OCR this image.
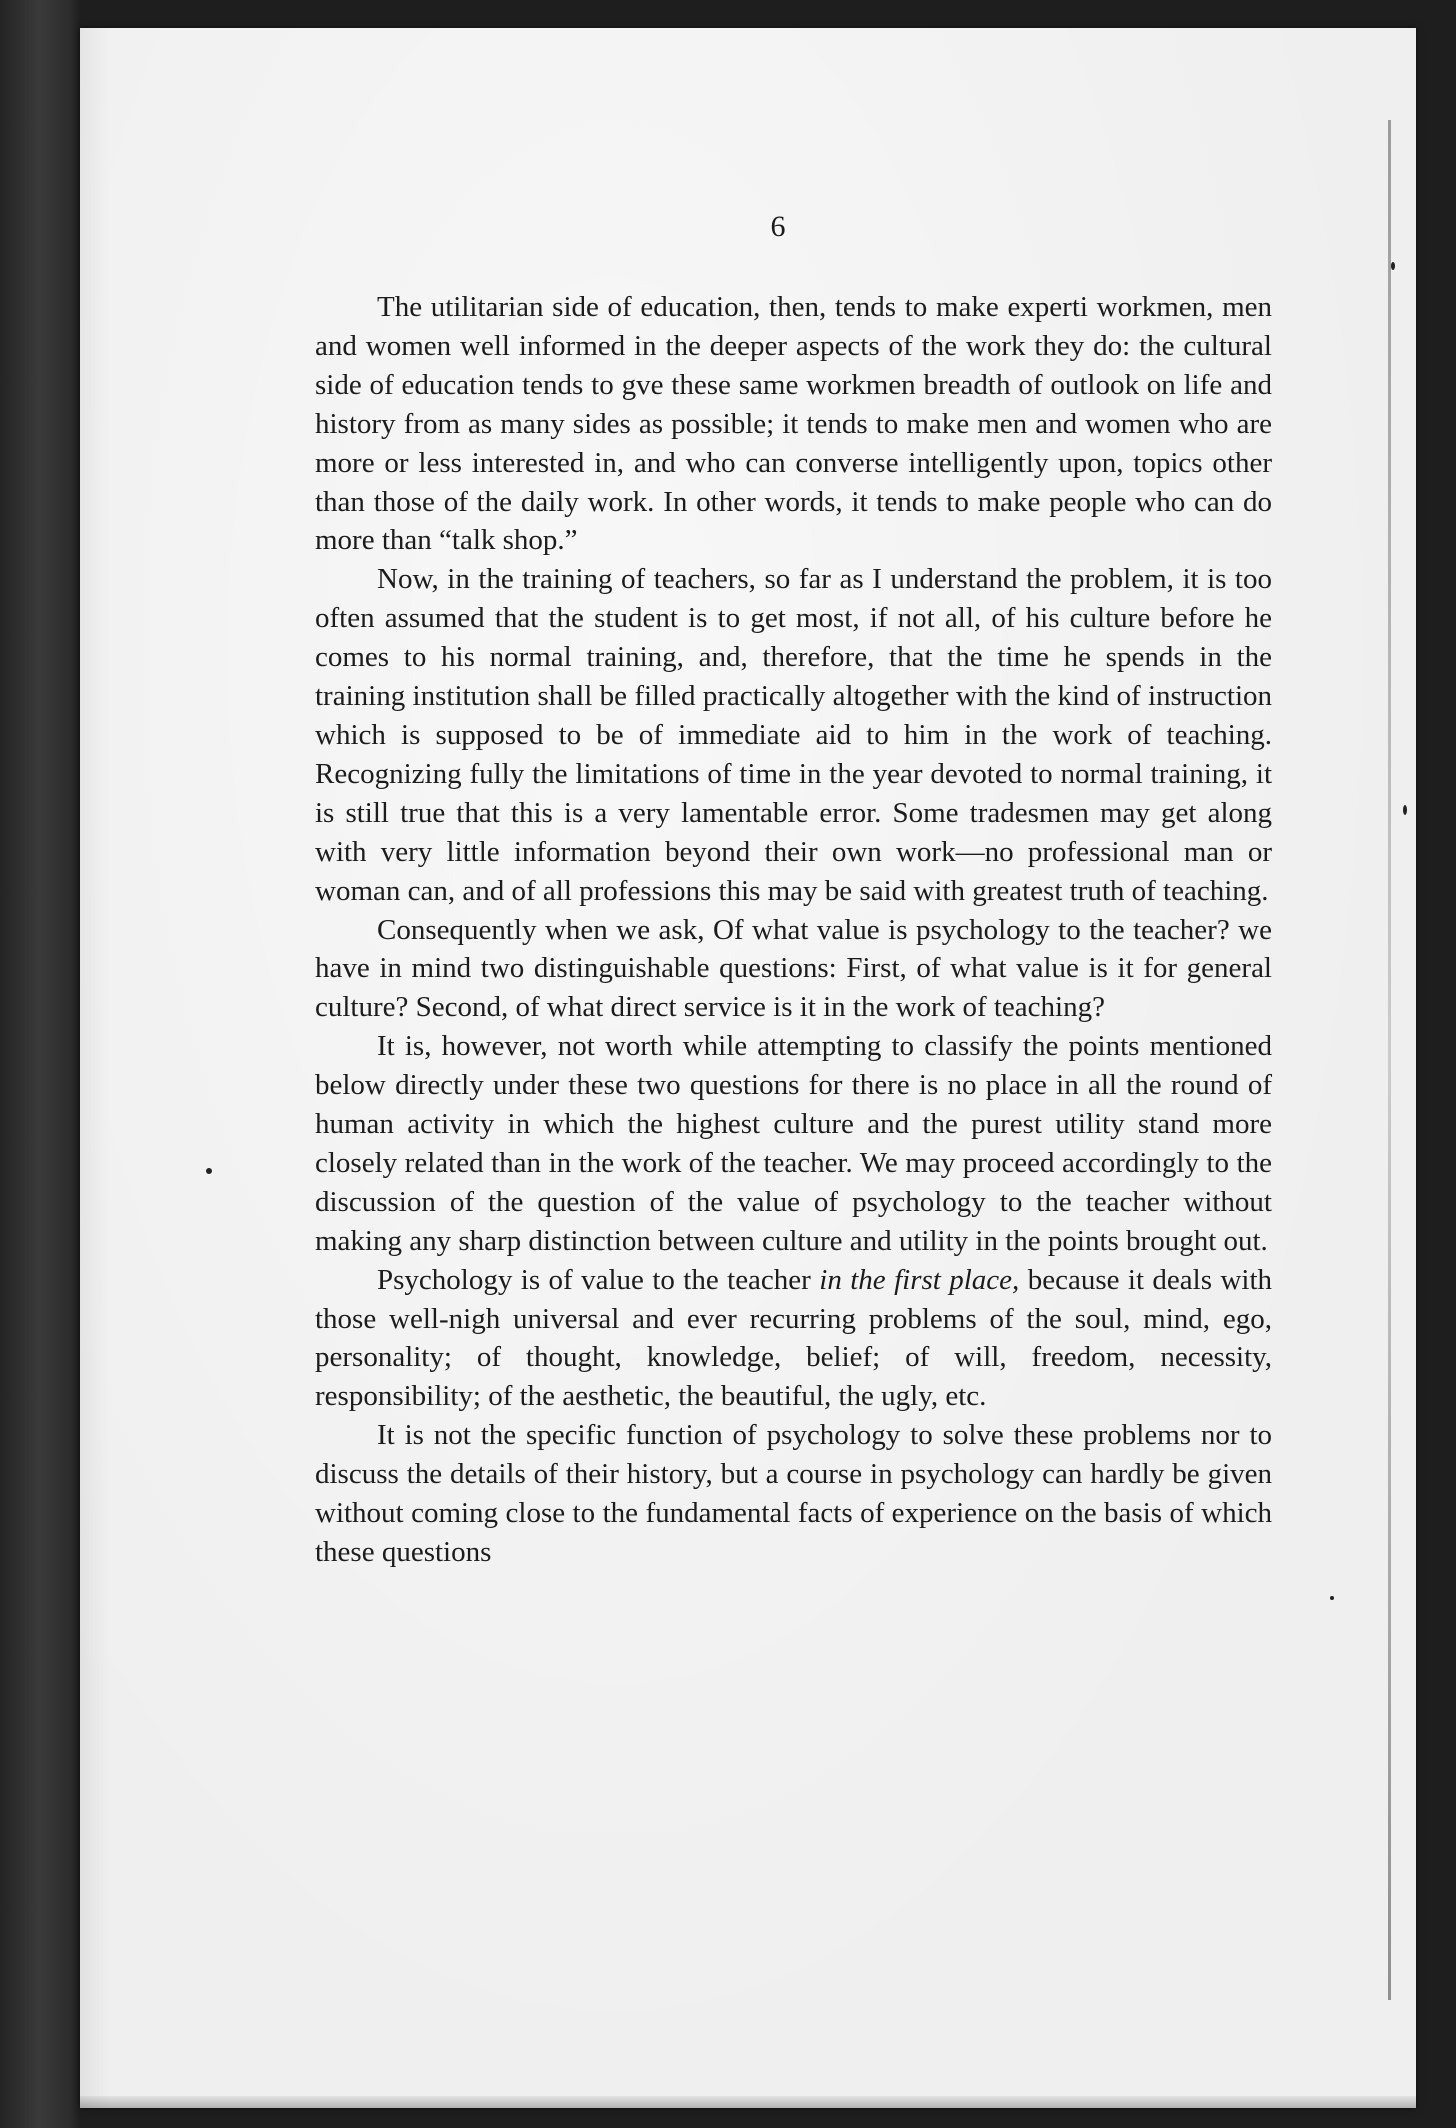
6

The utilitarian side of education, then, tends to make experti workmen, men and women well informed in the deeper aspects of the work they do: the cultural side of education tends to gve these same workmen breadth of outlook on life and history from as many sides as possible; it tends to make men and women who are more or less interested in, and who can converse intelligently upon, topics other than those of the daily work. In other words, it tends to make people who can do more than “talk shop.”

Now, in the training of teachers, so far as I understand the problem, it is too often assumed that the student is to get most, if not all, of his culture before he comes to his normal training, and, therefore, that the time he spends in the training institution shall be filled practically altogether with the kind of instruction which is supposed to be of immediate aid to him in the work of teaching. Recognizing fully the limitations of time in the year devoted to normal training, it is still true that this is a very lamentable error. Some tradesmen may get along with very little information beyond their own work—no professional man or woman can, and of all professions this may be said with greatest truth of teaching.

Consequently when we ask, Of what value is psychology to the teacher? we have in mind two distinguishable questions: First, of what value is it for general culture? Second, of what direct service is it in the work of teaching?

It is, however, not worth while attempting to classify the points mentioned below directly under these two questions for there is no place in all the round of human activity in which the highest culture and the purest utility stand more closely related than in the work of the teacher. We may proceed accordingly to the discussion of the question of the value of psychology to the teacher without making any sharp distinction between culture and utility in the points brought out.

Psychology is of value to the teacher in the first place, because it deals with those well-nigh universal and ever recurring problems of the soul, mind, ego, personality; of thought, knowledge, belief; of will, freedom, necessity, responsibility; of the aesthetic, the beautiful, the ugly, etc.

It is not the specific function of psychology to solve these problems nor to discuss the details of their history, but a course in psychology can hardly be given without coming close to the fundamental facts of experience on the basis of which these questions
